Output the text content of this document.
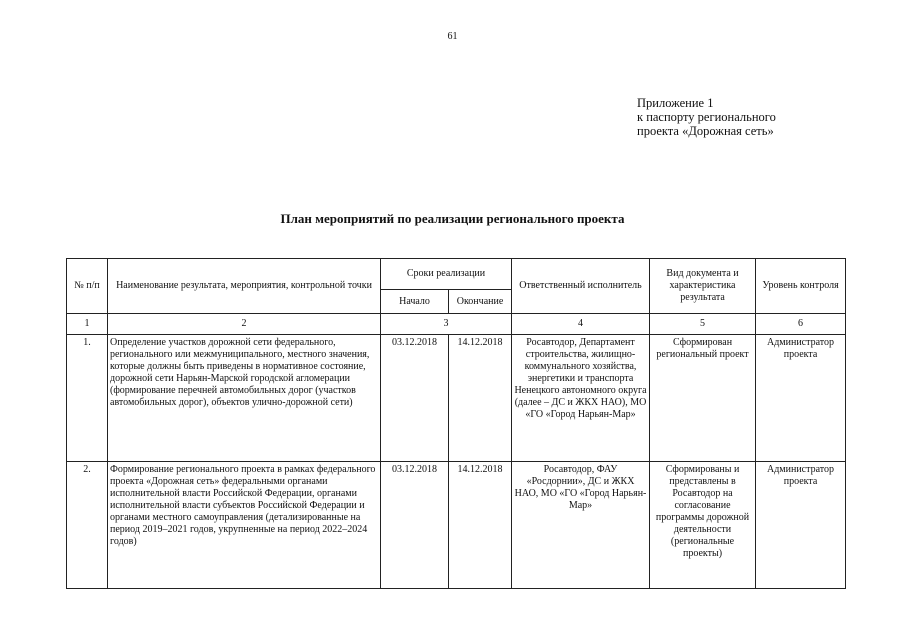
61
Приложение 1
к паспорту регионального
проекта «Дорожная сеть»
План мероприятий по реализации регионального проекта
№ п/п	Наименование результата, мероприятия, контрольной точки	Сроки реализации		Ответственный исполнитель	Вид документа и характеристика результата	Уровень контроля
		Начало	Окончание			
1	2	3		4	5	6
1.	Определение участков дорожной сети федерального, регионального или межмуниципального, местного значения, которые должны быть приведены в нормативное состояние, дорожной сети Нарьян-Марской городской агломерации (формирование перечней автомобильных дорог (участков автомобильных дорог), объектов улично-дорожной сети)	03.12.2018	14.12.2018	Росавтодор, Департамент строительства, жилищно-коммунального хозяйства, энергетики и транспорта Ненецкого автономного округа (далее – ДС и ЖКХ НАО), МО «ГО «Город Нарьян-Мар»	Сформирован региональный проект	Администратор проекта
2.	Формирование регионального проекта в рамках федерального проекта «Дорожная сеть» федеральными органами исполнительной власти Российской Федерации, органами исполнительной власти субъектов Российской Федерации и органами местного самоуправления (детализированные на период 2019–2021 годов, укрупненные на период 2022–2024 годов)	03.12.2018	14.12.2018	Росавтодор, ФАУ «Росдорнии», ДС и ЖКХ НАО, МО «ГО «Город Нарьян-Мар»	Сформированы и представлены в Росавтодор на согласование программы дорожной деятельности (региональные проекты)	Администратор проекта
